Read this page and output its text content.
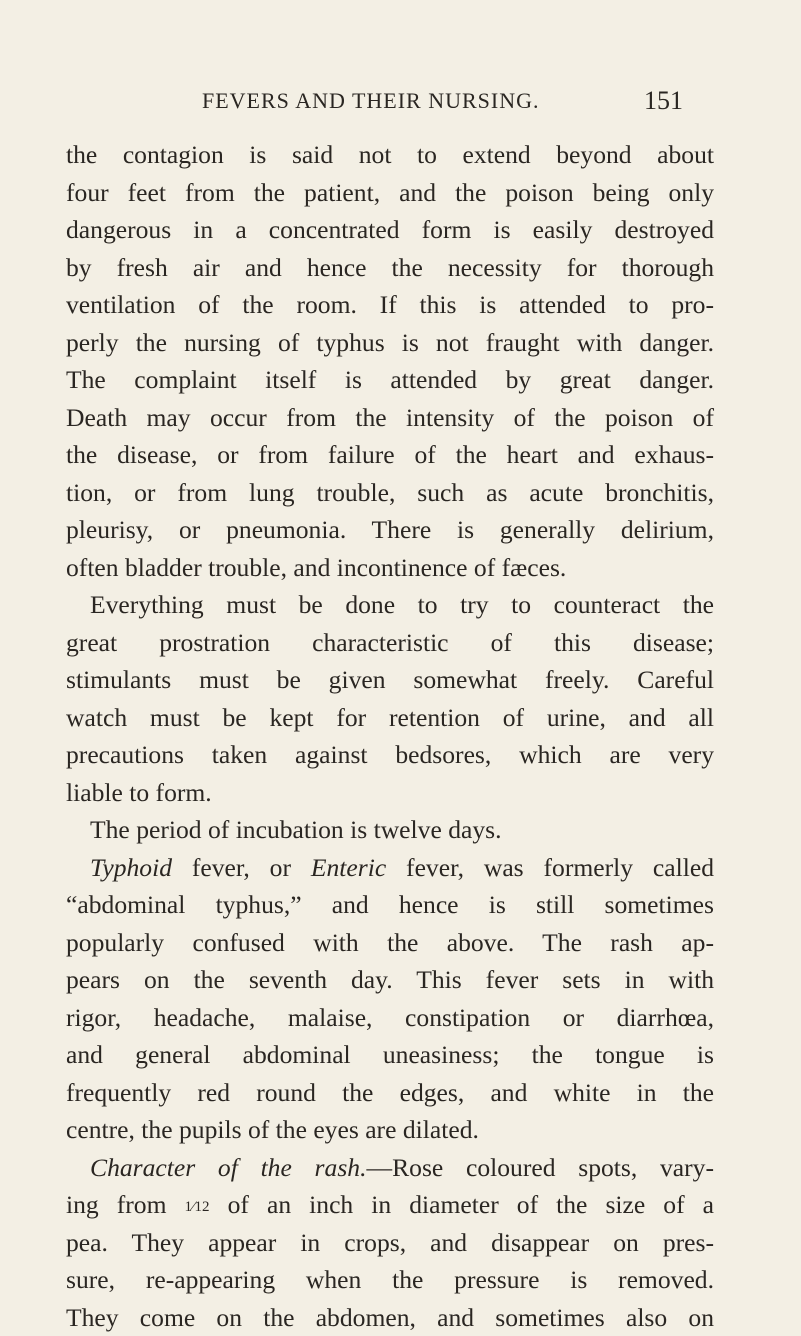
FEVERS AND THEIR NURSING.	151
the contagion is said not to extend beyond about
four feet from the patient, and the poison being only
dangerous in a concentrated form is easily destroyed
by fresh air and hence the necessity for thorough
ventilation of the room. If this is attended to pro-
perly the nursing of typhus is not fraught with danger.
The complaint itself is attended by great danger.
Death may occur from the intensity of the poison of
the disease, or from failure of the heart and exhaus-
tion, or from lung trouble, such as acute bronchitis,
pleurisy, or pneumonia. There is generally delirium,
often bladder trouble, and incontinence of fæces.
Everything must be done to try to counteract the
great prostration characteristic of this disease;
stimulants must be given somewhat freely. Careful
watch must be kept for retention of urine, and all
precautions taken against bedsores, which are very
liable to form.
The period of incubation is twelve days.
Typhoid fever, or Enteric fever, was formerly called
“abdominal typhus,” and hence is still sometimes
popularly confused with the above. The rash ap-
pears on the seventh day. This fever sets in with
rigor, headache, malaise, constipation or diarrhœa,
and general abdominal uneasiness; the tongue is
frequently red round the edges, and white in the
centre, the pupils of the eyes are dilated.
Character of the rash.—Rose coloured spots, vary-
ing from 1⁄12 of an inch in diameter of the size of a
pea. They appear in crops, and disappear on pres-
sure, re-appearing when the pressure is removed.
They come on the abdomen, and sometimes also on
